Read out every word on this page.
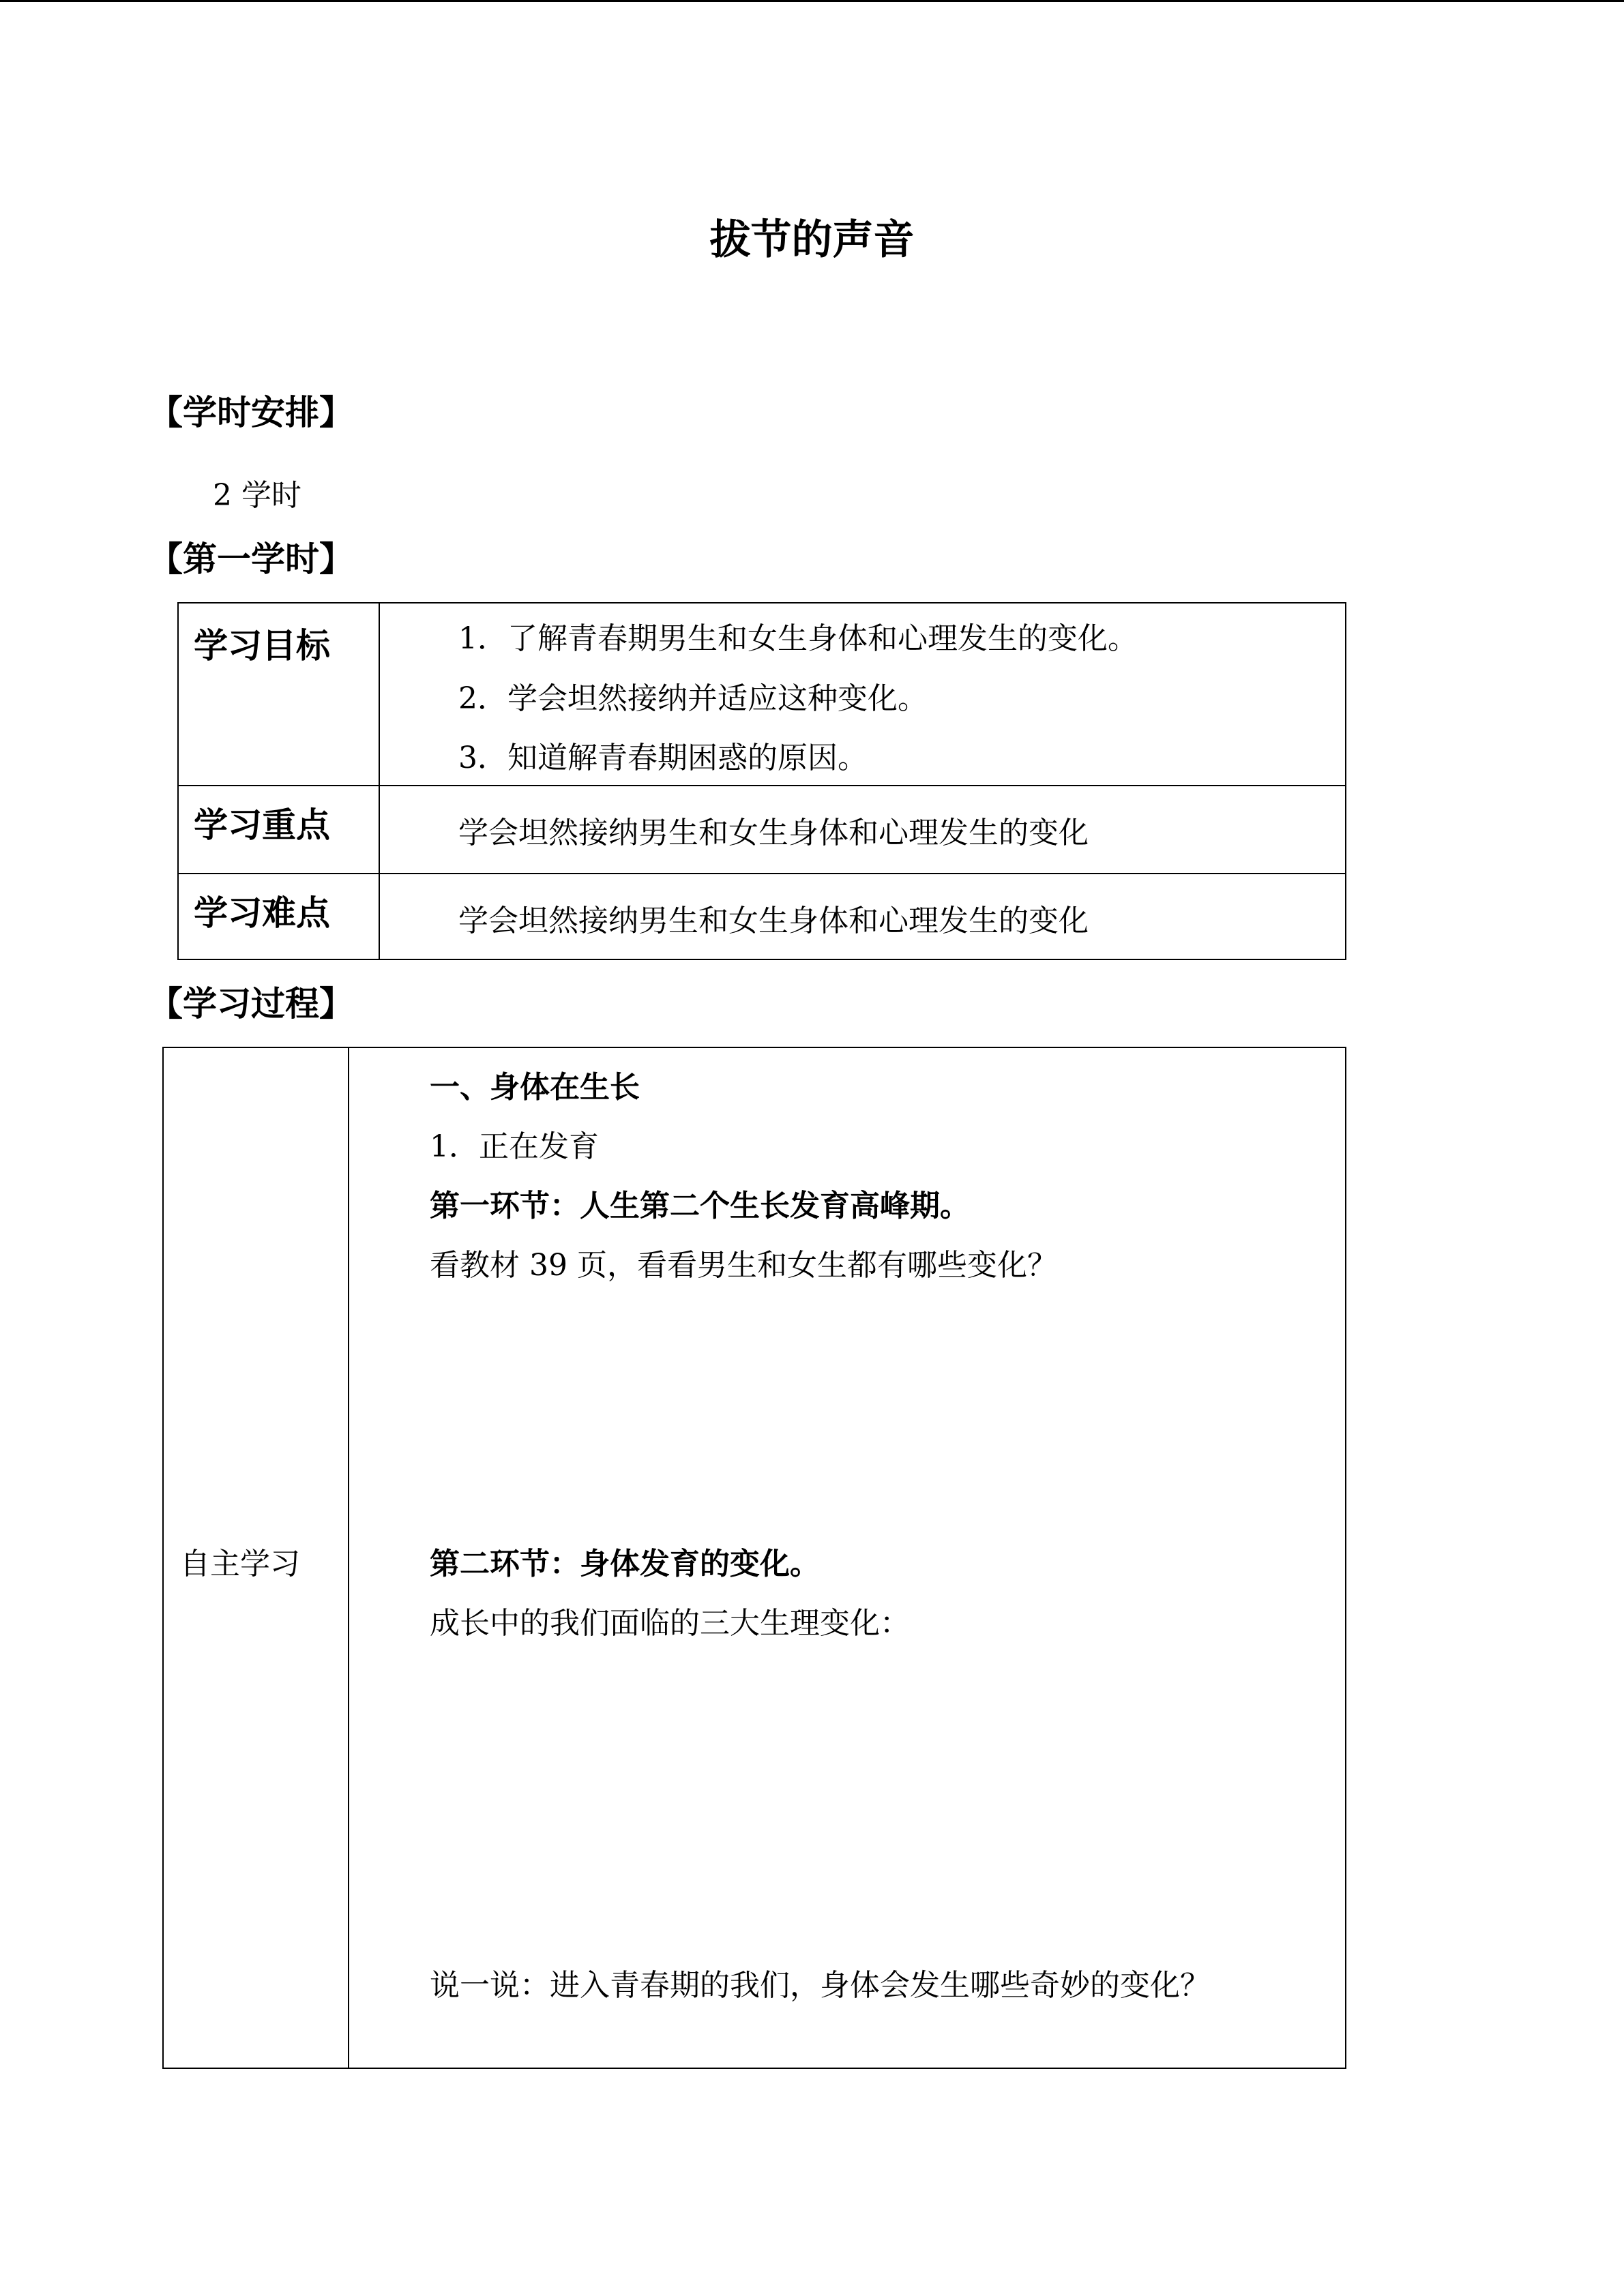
拔节的声音
【学时安排】
2 学时
【第一学时】
学习目标	1．了解青春期男生和女生身体和心理发生的变化。
2．学会坦然接纳并适应这种变化。
3．知道解青春期困惑的原因。
学习重点	学会坦然接纳男生和女生身体和心理发生的变化
学习难点	学会坦然接纳男生和女生身体和心理发生的变化
【学习过程】
自主学习
一、身体在生长
1．正在发育
第一环节：人生第二个生长发育高峰期。
看教材 39 页，看看男生和女生都有哪些变化？
第二环节：身体发育的变化。
成长中的我们面临的三大生理变化：
说一说：进入青春期的我们，身体会发生哪些奇妙的变化？
